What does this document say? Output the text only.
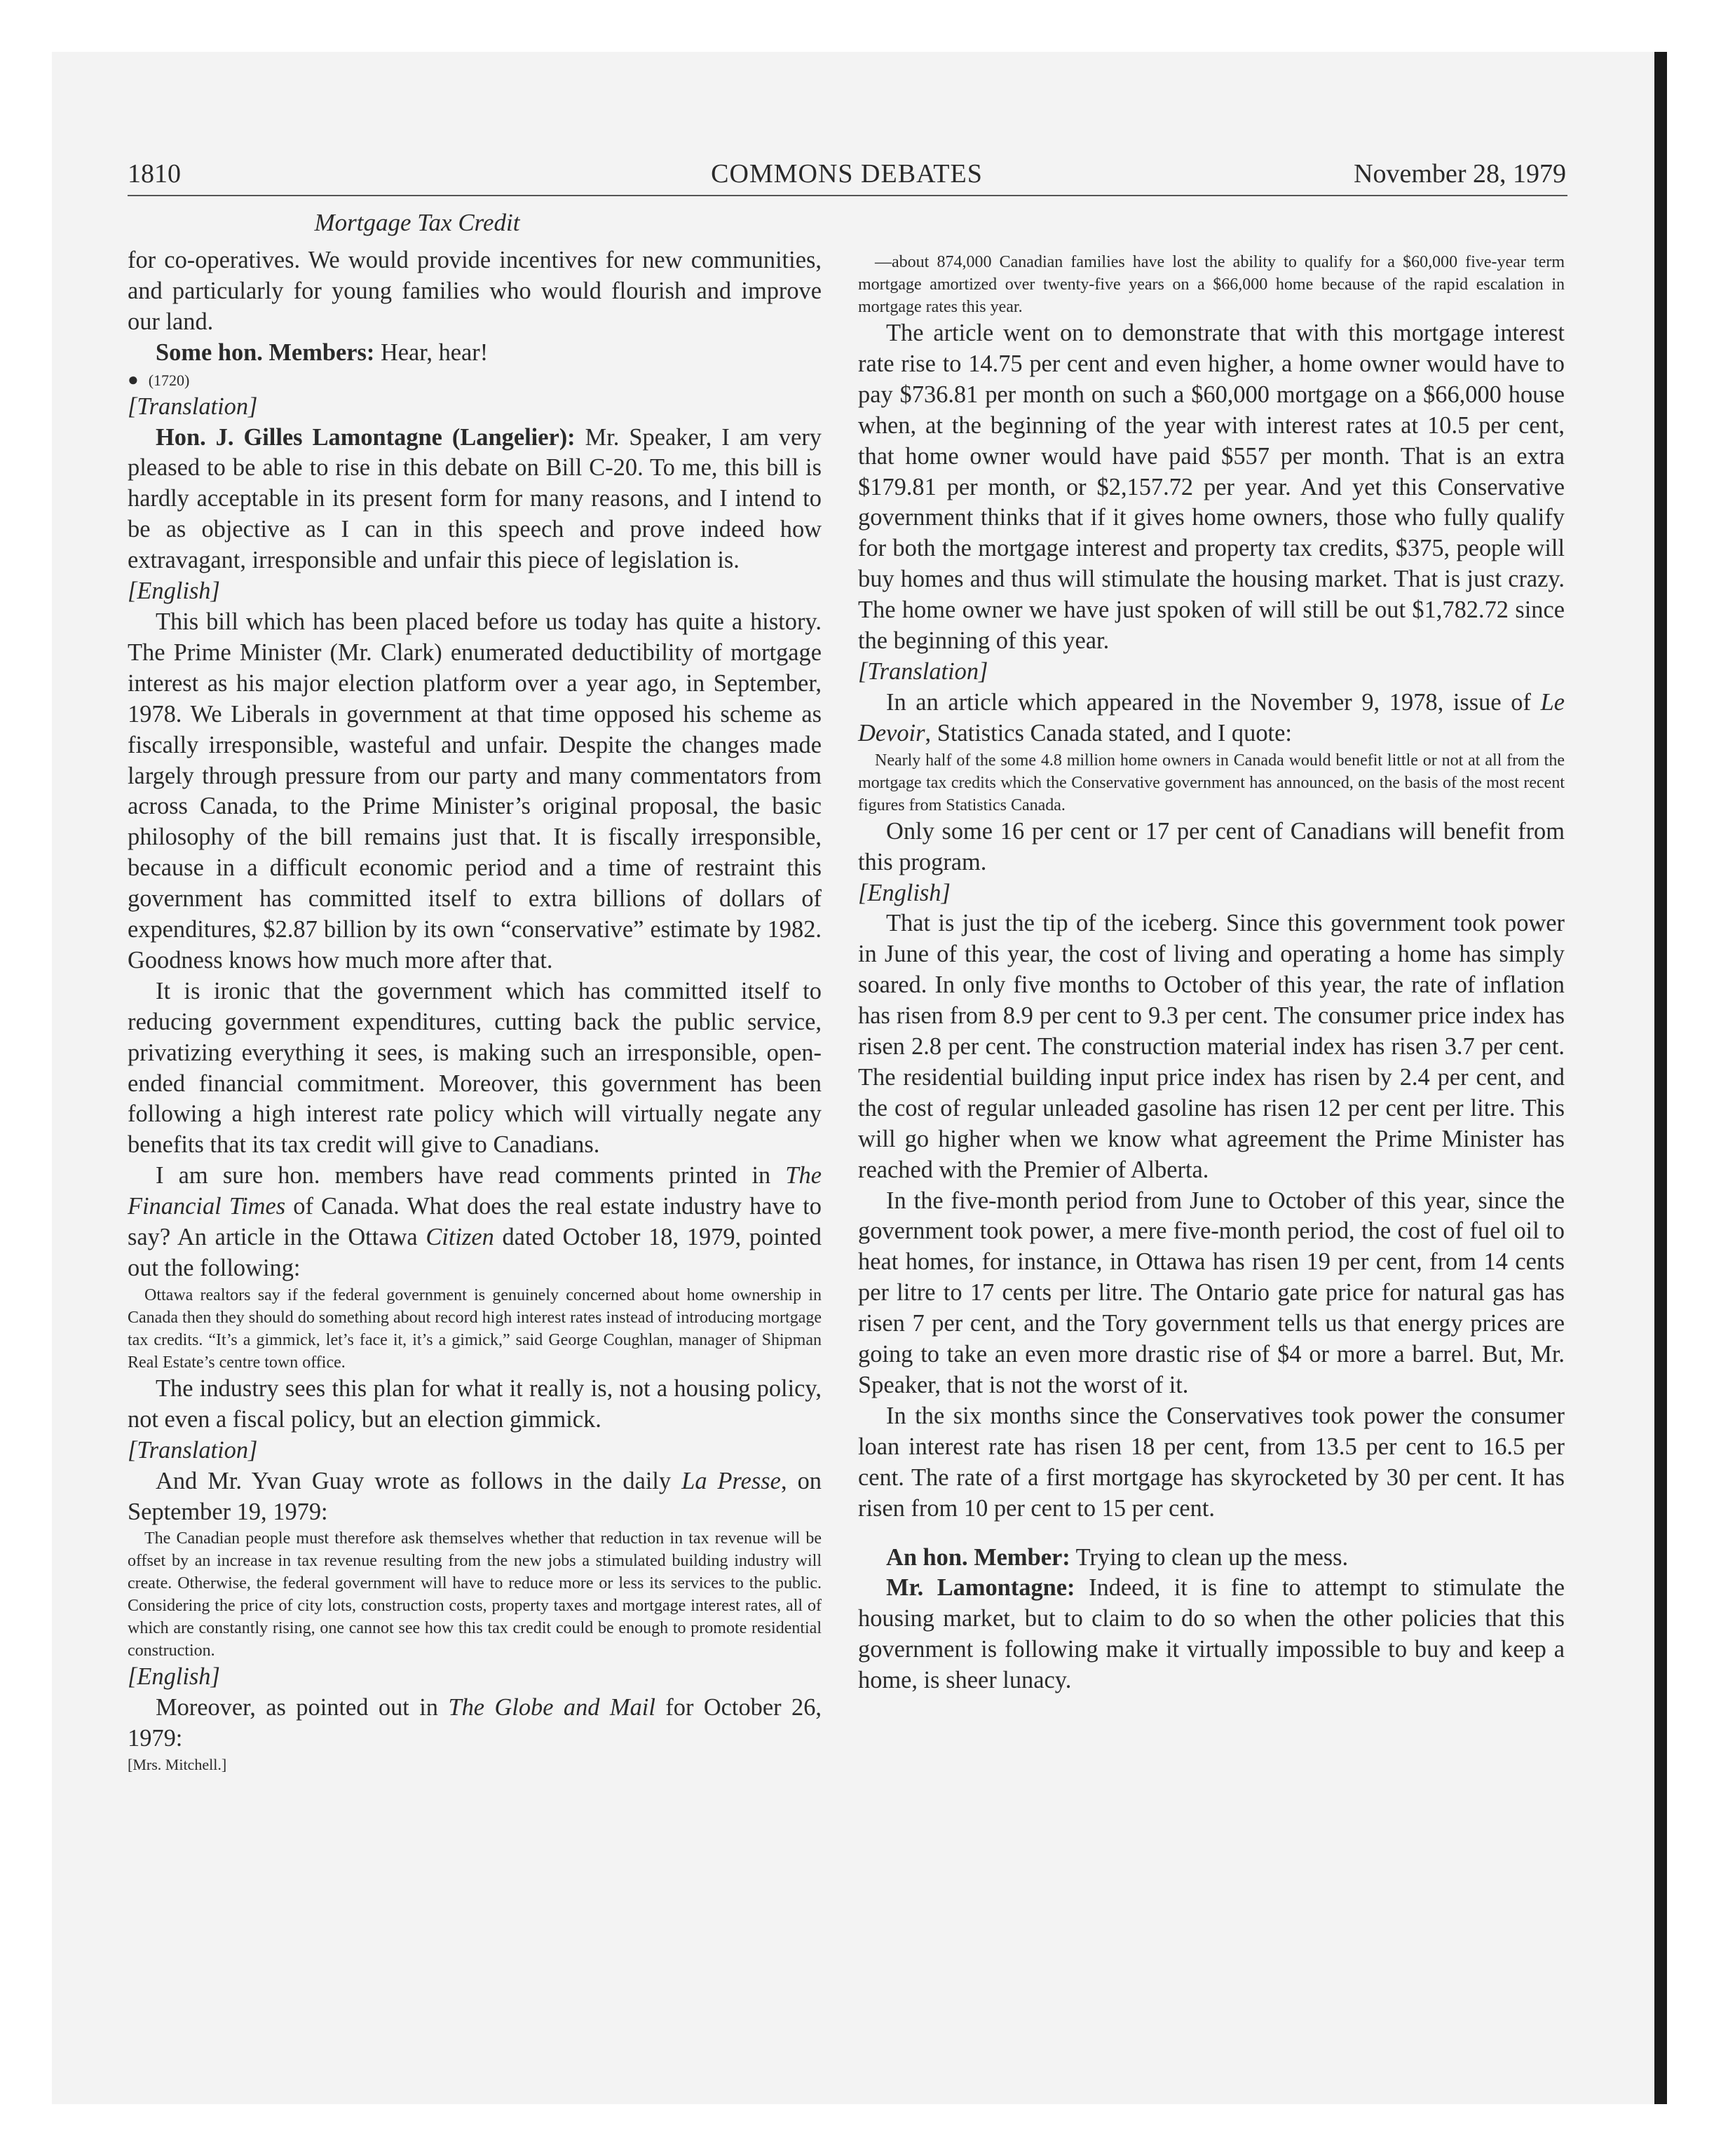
1810	COMMONS DEBATES	November 28, 1979
Mortgage Tax Credit

for co-operatives. We would provide incentives for new communities, and particularly for young families who would flourish and improve our land.

Some hon. Members: Hear, hear!

● (1720)

[Translation]

Hon. J. Gilles Lamontagne (Langelier): Mr. Speaker, I am very pleased to be able to rise in this debate on Bill C-20. To me, this bill is hardly acceptable in its present form for many reasons, and I intend to be as objective as I can in this speech and prove indeed how extravagant, irresponsible and unfair this piece of legislation is.

[English]

This bill which has been placed before us today has quite a history. The Prime Minister (Mr. Clark) enumerated deductibility of mortgage interest as his major election platform over a year ago, in September, 1978. We Liberals in government at that time opposed his scheme as fiscally irresponsible, wasteful and unfair. Despite the changes made largely through pressure from our party and many commentators from across Canada, to the Prime Minister’s original proposal, the basic philosophy of the bill remains just that. It is fiscally irresponsible, because in a difficult economic period and a time of restraint this government has committed itself to extra billions of dollars of expenditures, $2.87 billion by its own “conservative” estimate by 1982. Goodness knows how much more after that.

It is ironic that the government which has committed itself to reducing government expenditures, cutting back the public service, privatizing everything it sees, is making such an irresponsible, open-ended financial commitment. Moreover, this government has been following a high interest rate policy which will virtually negate any benefits that its tax credit will give to Canadians.

I am sure hon. members have read comments printed in The Financial Times of Canada. What does the real estate industry have to say? An article in the Ottawa Citizen dated October 18, 1979, pointed out the following:

Ottawa realtors say if the federal government is genuinely concerned about home ownership in Canada then they should do something about record high interest rates instead of introducing mortgage tax credits. “It’s a gimmick, let’s face it, it’s a gimick,” said George Coughlan, manager of Shipman Real Estate’s centre town office.

The industry sees this plan for what it really is, not a housing policy, not even a fiscal policy, but an election gimmick.

[Translation]

And Mr. Yvan Guay wrote as follows in the daily La Presse, on September 19, 1979:

The Canadian people must therefore ask themselves whether that reduction in tax revenue will be offset by an increase in tax revenue resulting from the new jobs a stimulated building industry will create. Otherwise, the federal government will have to reduce more or less its services to the public. Considering the price of city lots, construction costs, property taxes and mortgage interest rates, all of which are constantly rising, one cannot see how this tax credit could be enough to promote residential construction.

[English]

Moreover, as pointed out in The Globe and Mail for October 26, 1979:

[Mrs. Mitchell.]

—about 874,000 Canadian families have lost the ability to qualify for a $60,000 five-year term mortgage amortized over twenty-five years on a $66,000 home because of the rapid escalation in mortgage rates this year.

The article went on to demonstrate that with this mortgage interest rate rise to 14.75 per cent and even higher, a home owner would have to pay $736.81 per month on such a $60,000 mortgage on a $66,000 house when, at the beginning of the year with interest rates at 10.5 per cent, that home owner would have paid $557 per month. That is an extra $179.81 per month, or $2,157.72 per year. And yet this Conservative government thinks that if it gives home owners, those who fully qualify for both the mortgage interest and property tax credits, $375, people will buy homes and thus will stimulate the housing market. That is just crazy. The home owner we have just spoken of will still be out $1,782.72 since the beginning of this year.

[Translation]

In an article which appeared in the November 9, 1978, issue of Le Devoir, Statistics Canada stated, and I quote:

Nearly half of the some 4.8 million home owners in Canada would benefit little or not at all from the mortgage tax credits which the Conservative government has announced, on the basis of the most recent figures from Statistics Canada.

Only some 16 per cent or 17 per cent of Canadians will benefit from this program.

[English]

That is just the tip of the iceberg. Since this government took power in June of this year, the cost of living and operating a home has simply soared. In only five months to October of this year, the rate of inflation has risen from 8.9 per cent to 9.3 per cent. The consumer price index has risen 2.8 per cent. The construction material index has risen 3.7 per cent. The residential building input price index has risen by 2.4 per cent, and the cost of regular unleaded gasoline has risen 12 per cent per litre. This will go higher when we know what agreement the Prime Minister has reached with the Premier of Alberta.

In the five-month period from June to October of this year, since the government took power, a mere five-month period, the cost of fuel oil to heat homes, for instance, in Ottawa has risen 19 per cent, from 14 cents per litre to 17 cents per litre. The Ontario gate price for natural gas has risen 7 per cent, and the Tory government tells us that energy prices are going to take an even more drastic rise of $4 or more a barrel. But, Mr. Speaker, that is not the worst of it.

In the six months since the Conservatives took power the consumer loan interest rate has risen 18 per cent, from 13.5 per cent to 16.5 per cent. The rate of a first mortgage has skyrocketed by 30 per cent. It has risen from 10 per cent to 15 per cent.

An hon. Member: Trying to clean up the mess.

Mr. Lamontagne: Indeed, it is fine to attempt to stimulate the housing market, but to claim to do so when the other policies that this government is following make it virtually impossible to buy and keep a home, is sheer lunacy.
